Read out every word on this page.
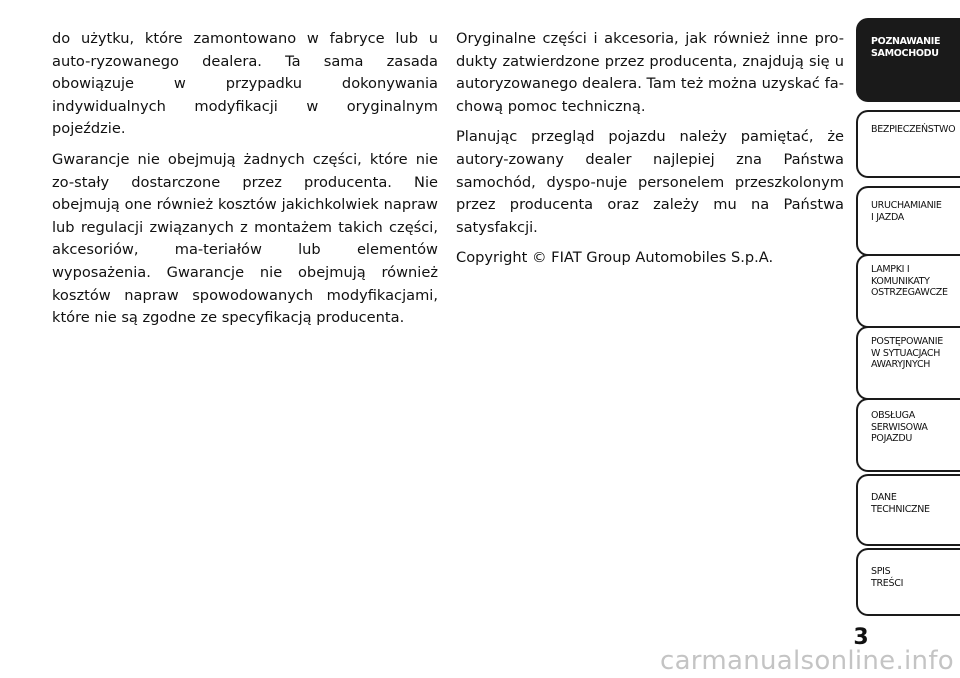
do użytku, które zamontowano w fabryce lub u auto-ryzowanego dealera. Ta sama zasada obowiązuje w przypadku dokonywania indywidualnych modyfikacji w oryginalnym pojeździe.

Gwarancje nie obejmują żadnych części, które nie zo-stały dostarczone przez producenta. Nie obejmują one również kosztów jakichkolwiek napraw lub regulacji związanych z montażem takich części, akcesoriów, ma-teriałów lub elementów wyposażenia. Gwarancje nie obejmują również kosztów napraw spowodowanych modyfikacjami, które nie są zgodne ze specyfikacją producenta.

Oryginalne części i akcesoria, jak również inne pro-dukty zatwierdzone przez producenta, znajdują się u autoryzowanego dealera. Tam też można uzyskać fa-chową pomoc techniczną.

Planując przegląd pojazdu należy pamiętać, że autory-zowany dealer najlepiej zna Państwa samochód, dyspo-nuje personelem przeszkolonym przez producenta oraz zależy mu na Państwa satysfakcji.

Copyright © FIAT Group Automobiles S.p.A.

POZNAWANIE
SAMOCHODU
BEZPIECZEŃSTWO
URUCHAMIANIE
I JAZDA
LAMPKI I
KOMUNIKATY
OSTRZEGAWCZE
POSTĘPOWANIE
W SYTUACJACH
AWARYJNYCH
OBSŁUGA
SERWISOWA
POJAZDU
DANE
TECHNICZNE
SPIS
TREŚCI
3
carmanualsonline.info
